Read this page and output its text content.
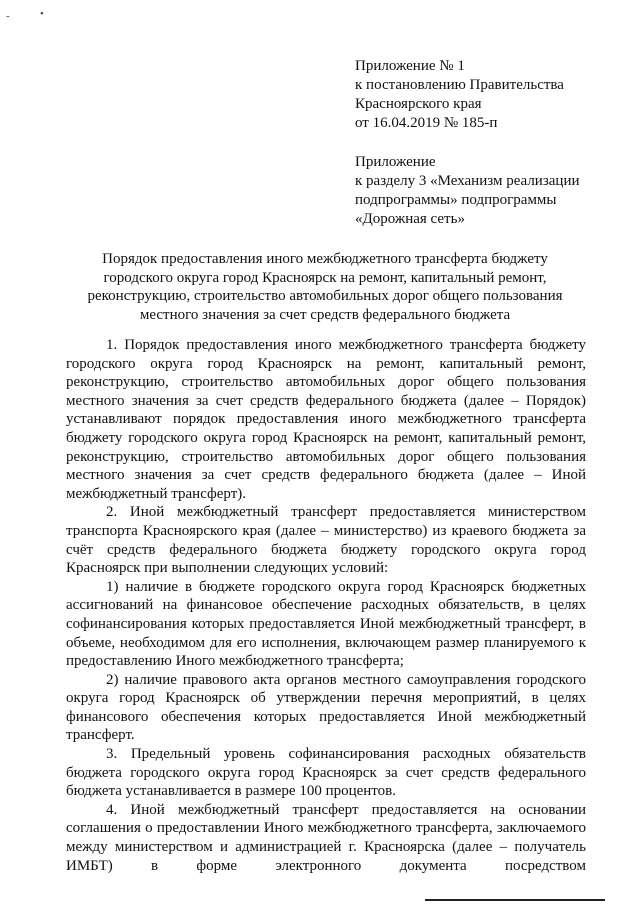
-	•
Приложение № 1
к постановлению Правительства
Красноярского края
от 16.04.2019 № 185-п
Приложение
к разделу 3 «Механизм реализации
подпрограммы» подпрограммы
«Дорожная сеть»
Порядок предоставления иного межбюджетного трансферта бюджету
городского округа город Красноярск на ремонт, капитальный ремонт,
реконструкцию, строительство автомобильных дорог общего пользования
местного значения за счет средств федерального бюджета

1. Порядок предоставления иного межбюджетного трансферта бюджету городского округа город Красноярск на ремонт, капитальный ремонт, реконструкцию, строительство автомобильных дорог общего пользования местного значения за счет средств федерального бюджета (далее – Порядок) устанавливают порядок предоставления иного межбюджетного трансферта бюджету городского округа город Красноярск на ремонт, капитальный ремонт, реконструкцию, строительство автомобильных дорог общего пользования местного значения за счет средств федерального бюджета (далее – Иной межбюджетный трансферт).

2. Иной межбюджетный трансферт предоставляется министерством транспорта Красноярского края (далее – министерство) из краевого бюджета за счёт средств федерального бюджета бюджету городского округа город Красноярск при выполнении следующих условий:

1) наличие в бюджете городского округа город Красноярск бюджетных ассигнований на финансовое обеспечение расходных обязательств, в целях софинансирования которых предоставляется Иной межбюджетный трансферт, в объеме, необходимом для его исполнения, включающем размер планируемого к предоставлению Иного межбюджетного трансферта;

2) наличие правового акта органов местного самоуправления городского округа город Красноярск об утверждении перечня мероприятий, в целях финансового обеспечения которых предоставляется Иной межбюджетный трансферт.

3. Предельный уровень софинансирования расходных обязательств бюджета городского округа город Красноярск за счет средств федерального бюджета устанавливается в размере 100 процентов.

4. Иной межбюджетный трансферт предоставляется на основании соглашения о предоставлении Иного межбюджетного трансферта, заключаемого между министерством и администрацией г. Красноярска (далее – получатель ИМБТ) в форме электронного документа посредством
